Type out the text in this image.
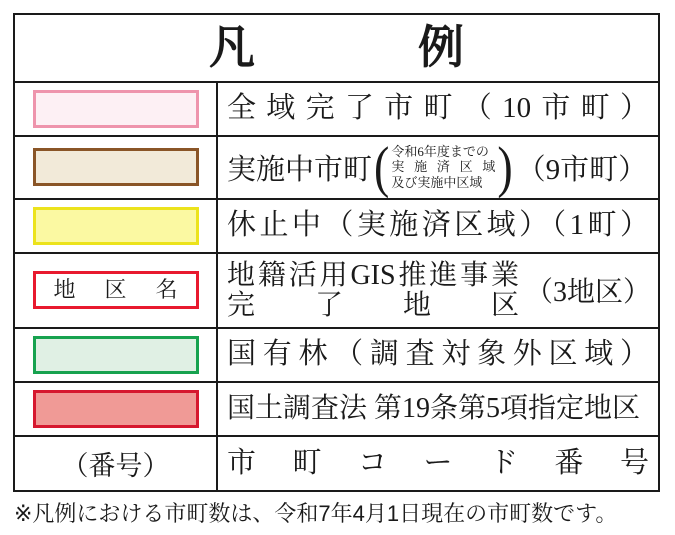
凡 例
全域完了市町（10市町）
実施中市町 ( 令和6年度までの
実施済区域
及び実施中区域 ) （9市町）
休止中（実施済区域）（1町）
地区名	地籍活用GIS推進事業
完了地区 （3地区）
国有林（調査対象外区域）
国土調査法 第19条第5項指定地区
（番号） 市町コード番号
※凡例における市町数は、令和7年4月1日現在の市町数です。
